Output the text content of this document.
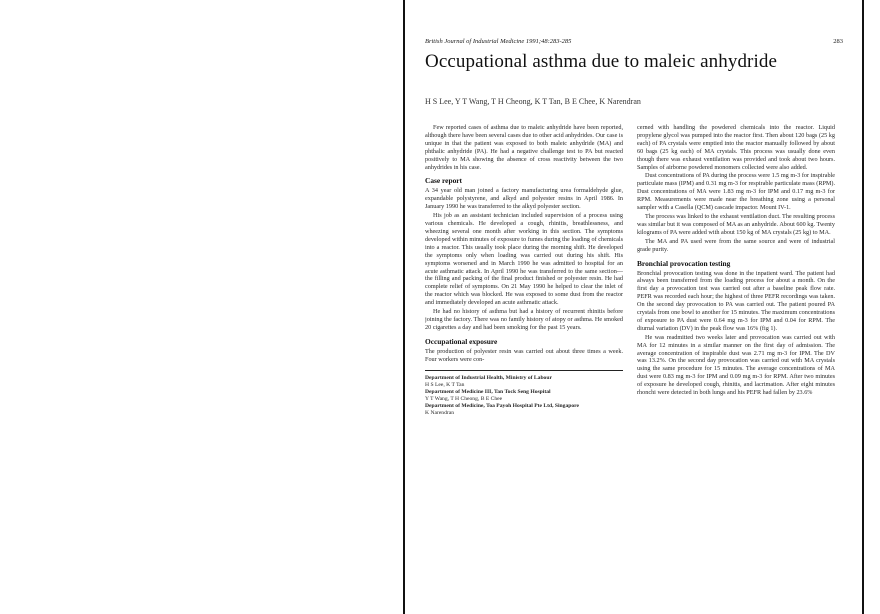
British Journal of Industrial Medicine 1991;48:283-285	283
Occupational asthma due to maleic anhydride
H S Lee, Y T Wang, T H Cheong, K T Tan, B E Chee, K Narendran

Few reported cases of asthma due to maleic anhydride have been reported, although there have been several cases due to other acid anhydrides. Our case is unique in that the patient was exposed to both maleic anhydride (MA) and phthalic anhydride (PA). He had a negative challenge test to PA but reacted positively to MA showing the absence of cross reactivity between the two anhydrides in his case.

Case report

A 34 year old man joined a factory manufacturing urea formaldehyde glue, expandable polystyrene, and alkyd and polyester resins in April 1986. In January 1990 he was transferred to the alkyd polyester section.

His job as an assistant technician included supervision of a process using various chemicals. He developed a cough, rhinitis, breathlessness, and wheezing several one month after working in this section. The symptoms developed within minutes of exposure to fumes during the loading of chemicals into a reactor. This usually took place during the morning shift. He developed the symptoms only when loading was carried out during his shift. His symptoms worsened and in March 1990 he was admitted to hospital for an acute asthmatic attack. In April 1990 he was transferred to the same section—the filling and packing of the final product finished or polyester resin. He had complete relief of symptoms. On 21 May 1990 he helped to clear the inlet of the reactor which was blocked. He was exposed to some dust from the reactor and immediately developed an acute asthmatic attack.

He had no history of asthma but had a history of recurrent rhinitis before joining the factory. There was no family history of atopy or asthma. He smoked 20 cigarettes a day and had been smoking for the past 15 years.

Occupational exposure

The production of polyester resin was carried out about three times a week. Four workers were con-

Department of Industrial Health, Ministry of Labour
H S Lee, K T Tan
Department of Medicine III, Tan Tock Seng Hospital
Y T Wang, T H Cheong, B E Chee
Department of Medicine, Toa Payoh Hospital Pte Ltd, Singapore
K Narendran

cerned with handling the powdered chemicals into the reactor. Liquid propylene glycol was pumped into the reactor first. Then about 120 bags (25 kg each) of PA crystals were emptied into the reactor manually followed by about 60 bags (25 kg each) of MA crystals. This process was usually done even though there was exhaust ventilation was provided and took about two hours. Samples of airborne powdered monomers collected were also added.

Dust concentrations of PA during the process were 1.5 mg m-3 for inspirable particulate mass (IPM) and 0.31 mg m-3 for respirable particulate mass (RPM). Dust concentrations of MA were 1.83 mg m-3 for IPM and 0.17 mg m-3 for RPM. Measurements were made near the breathing zone using a personal sampler with a Casella (QCM) cascade impactor. Mount IV-1.

The process was linked to the exhaust ventilation duct. The resulting process was similar but it was composed of MA as an anhydride. About 600 kg. Twenty kilograms of PA were added with about 150 kg of MA crystals (25 kg) to MA.

The MA and PA used were from the same source and were of industrial grade purity.

Bronchial provocation testing

Bronchial provocation testing was done in the inpatient ward. The patient had always been transferred from the loading process for about a month. On the first day a provocation test was carried out after a baseline peak flow rate. PEFR was recorded each hour; the highest of three PEFR recordings was taken. On the second day provocation to PA was carried out. The patient poured PA crystals from one bowl to another for 15 minutes. The maximum concentrations of exposure to PA dust were 0.64 mg m-3 for IPM and 0.04 for RPM. The diurnal variation (DV) in the peak flow was 16% (fig 1).

He was readmitted two weeks later and provocation was carried out with MA for 12 minutes in a similar manner on the first day of admission. The average concentration of inspirable dust was 2.71 mg m-3 for IPM. The DV was 13.2%. On the second day provocation was carried out with MA crystals using the same procedure for 15 minutes. The average concentrations of MA dust were 0.83 mg m-3 for IPM and 0.09 mg m-3 for RPM. After two minutes of exposure he developed cough, rhinitis, and lacrimation. After eight minutes rhonchi were detected in both lungs and his PEFR had fallen by 23.6%
